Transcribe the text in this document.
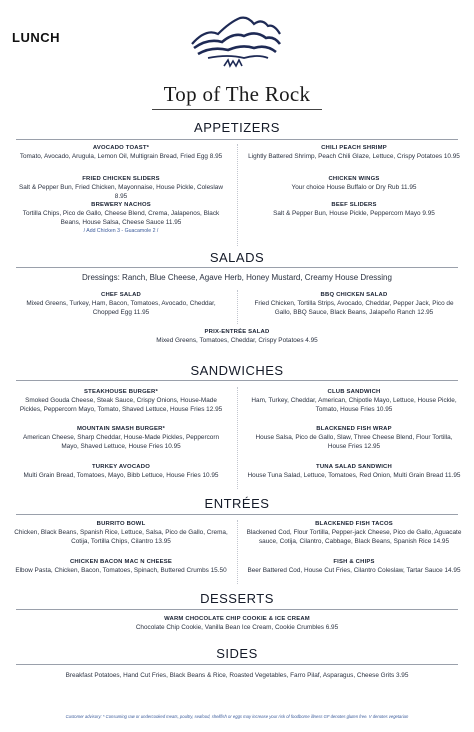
LUNCH
Top of The Rock
APPETIZERS
AVOCADO TOAST*
Tomato, Avocado, Arugula, Lemon Oil, Multigrain Bread, Fried Egg 8.95
FRIED CHICKEN SLIDERS
Salt & Pepper Bun, Fried Chicken, Mayonnaise, House Pickle, Coleslaw 8.95
BREWERY NACHOS
Tortilla Chips, Pico de Gallo, Cheese Blend, Crema, Jalapenos, Black Beans, House Salsa, Cheese Sauce 11.95
/ Add Chicken 3 - Guacamole 2 /
CHILI PEACH SHRIMP
Lightly Battered Shrimp, Peach Chili Glaze, Lettuce, Crispy Potatoes 10.95
CHICKEN WINGS
Your choice House Buffalo or Dry Rub 11.95
BEEF SLIDERS
Salt & Pepper Bun, House Pickle, Peppercorn Mayo 9.95
SALADS
Dressings: Ranch, Blue Cheese, Agave Herb, Honey Mustard, Creamy House Dressing
CHEF SALAD
Mixed Greens, Turkey, Ham, Bacon, Tomatoes, Avocado, Cheddar, Chopped Egg 11.95
BBQ CHICKEN SALAD
Fried Chicken, Tortilla Strips, Avocado, Cheddar, Pepper Jack, Pico de Gallo, BBQ Sauce, Black Beans, Jalapeño Ranch 12.95
PRIX-ENTRÉE SALAD
Mixed Greens, Tomatoes, Cheddar, Crispy Potatoes 4.95
SANDWICHES
STEAKHOUSE BURGER*
Smoked Gouda Cheese, Steak Sauce, Crispy Onions, House-Made Pickles, Peppercorn Mayo, Tomato, Shaved Lettuce, House Fries 12.95
MOUNTAIN SMASH BURGER*
American Cheese, Sharp Cheddar, House-Made Pickles, Peppercorn Mayo, Shaved Lettuce, House Fries 10.95
TURKEY AVOCADO
Multi Grain Bread, Tomatoes, Mayo, Bibb Lettuce, House Fries 10.95
CLUB SANDWICH
Ham, Turkey, Cheddar, American, Chipotle Mayo, Lettuce, House Pickle, Tomato, House Fries 10.95
BLACKENED FISH WRAP
House Salsa, Pico de Gallo, Slaw, Three Cheese Blend, Flour Tortilla, House Fries 12.95
TUNA SALAD SANDWICH
House Tuna Salad, Lettuce, Tomatoes, Red Onion, Multi Grain Bread 11.95
ENTRÉES
BURRITO BOWL
Chicken, Black Beans, Spanish Rice, Lettuce, Salsa, Pico de Gallo, Crema, Cotija, Tortilla Chips, Cilantro 13.95
CHICKEN BACON MAC N CHEESE
Elbow Pasta, Chicken, Bacon, Tomatoes, Spinach, Buttered Crumbs 15.50
BLACKENED FISH TACOS
Blackened Cod, Flour Tortilla, Pepper-jack Cheese, Pico de Gallo, Aguacate sauce, Cotija, Cilantro, Cabbage, Black Beans, Spanish Rice 14.95
FISH & CHIPS
Beer Battered Cod, House Cut Fries, Cilantro Coleslaw, Tartar Sauce 14.95
DESSERTS
WARM CHOCOLATE CHIP COOKIE & ICE CREAM
Chocolate Chip Cookie, Vanilla Bean Ice Cream, Cookie Crumbles 6.95
SIDES
Breakfast Potatoes, Hand Cut Fries, Black Beans & Rice, Roasted Vegetables, Farro Pilaf, Asparagus, Cheese Grits 3.95
Customer advisory: * Consuming raw or undercooked meats, poultry, seafood, shellfish or eggs may increase your risk of foodborne illness GF denotes gluten free. V denotes vegetarian
